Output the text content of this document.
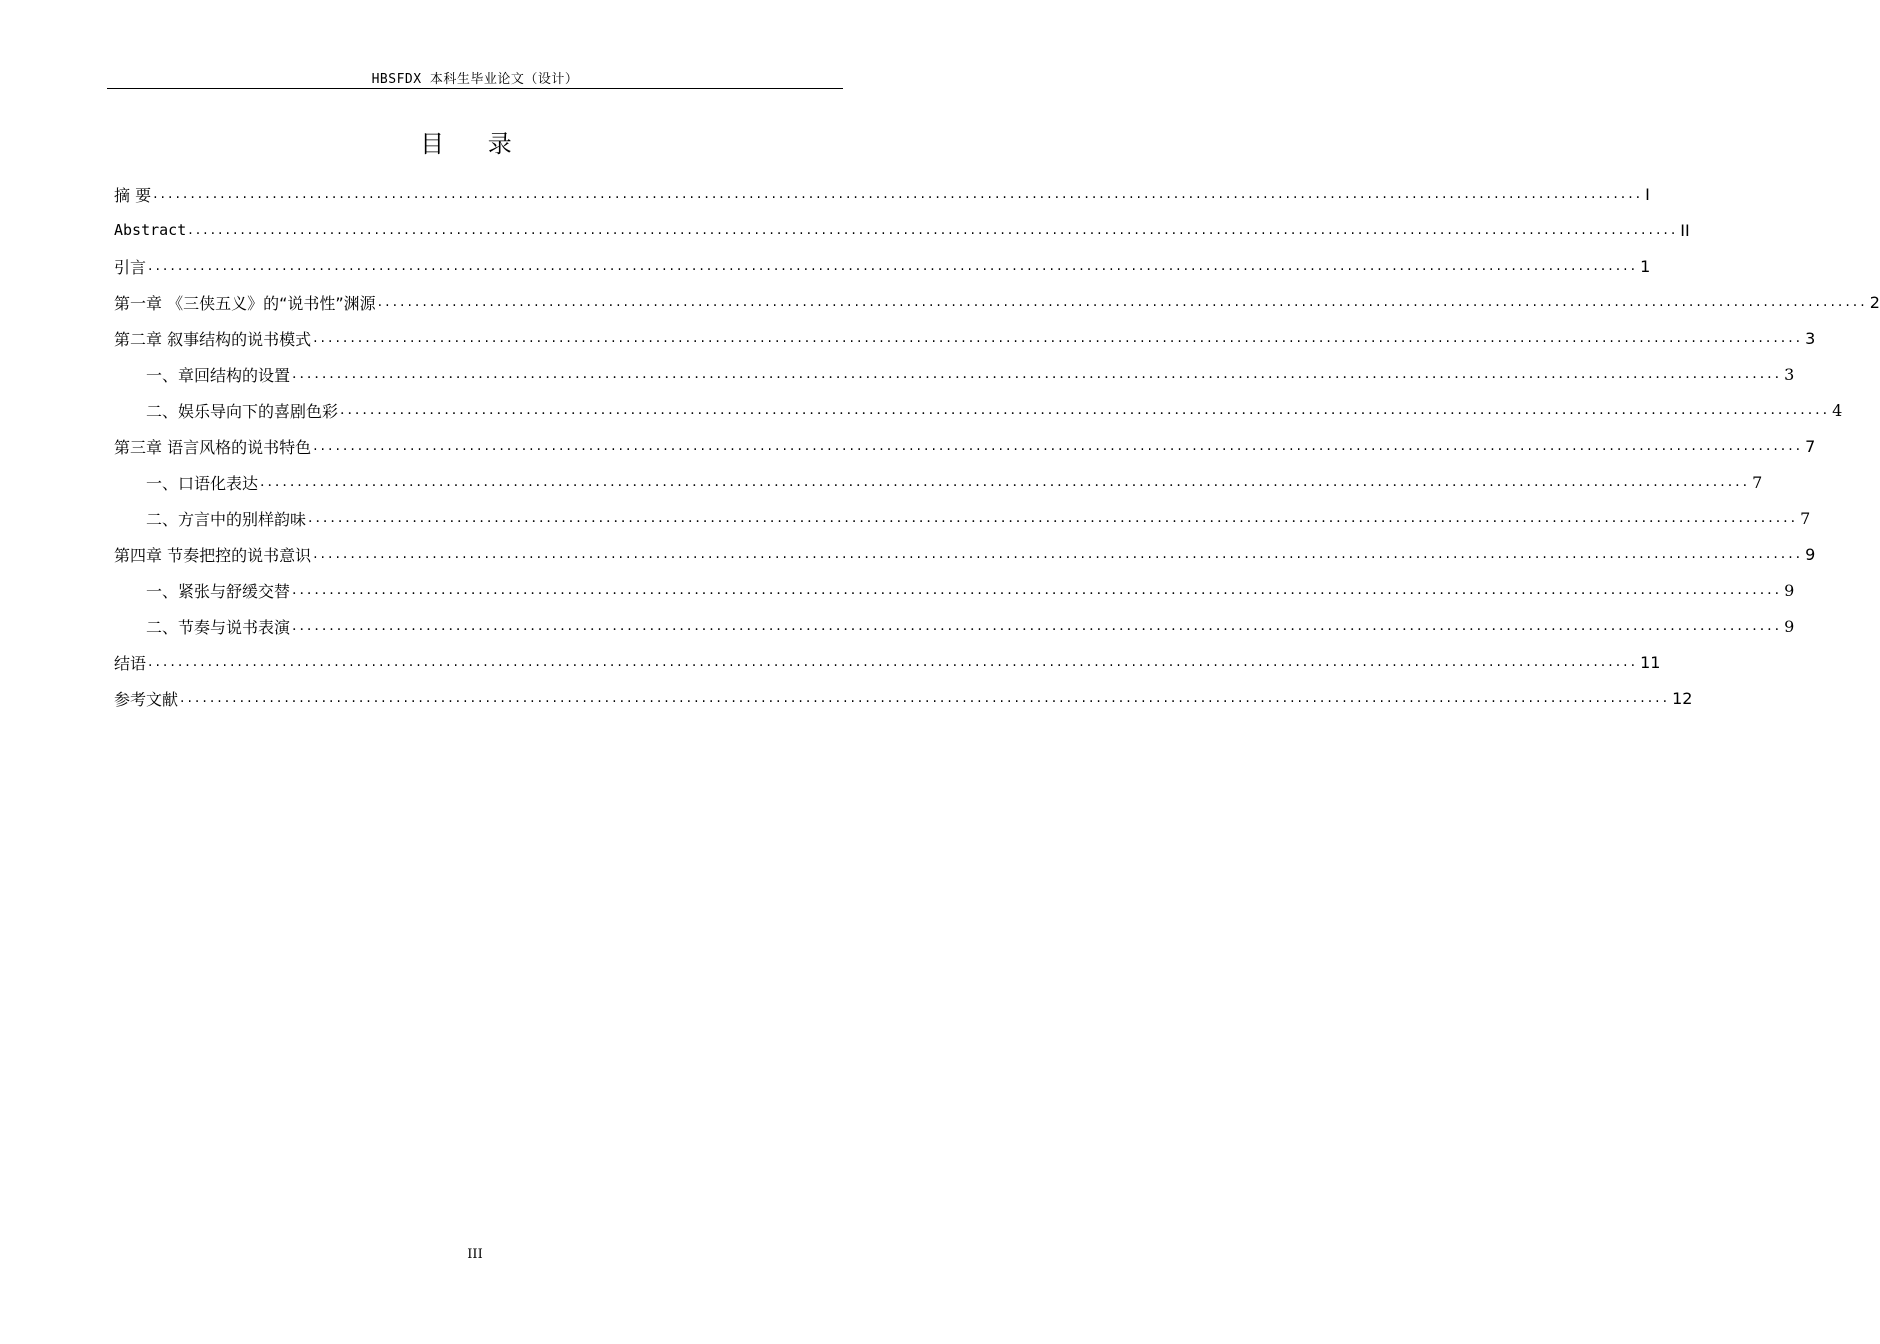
HBSFDX 本科生毕业论文（设计）
目 录
摘 要 ........................................................................................................................................................................................................ I
Abstract ........................................................................................................................................................................................................ II
引言 ........................................................................................................................................................................................................ 1
第一章 《三侠五义》的“说书性”渊源 ........................................................................................................................................................................................................ 2
第二章 叙事结构的说书模式 ........................................................................................................................................................................................................ 3
一、章回结构的设置 ........................................................................................................................................................................................................ 3
二、娱乐导向下的喜剧色彩 ........................................................................................................................................................................................................ 4
第三章 语言风格的说书特色 ........................................................................................................................................................................................................ 7
一、口语化表达 ........................................................................................................................................................................................................ 7
二、方言中的别样韵味 ........................................................................................................................................................................................................ 7
第四章 节奏把控的说书意识 ........................................................................................................................................................................................................ 9
一、紧张与舒缓交替 ........................................................................................................................................................................................................ 9
二、节奏与说书表演 ........................................................................................................................................................................................................ 9
结语 ........................................................................................................................................................................................................ 11
参考文献 ........................................................................................................................................................................................................ 12
III
